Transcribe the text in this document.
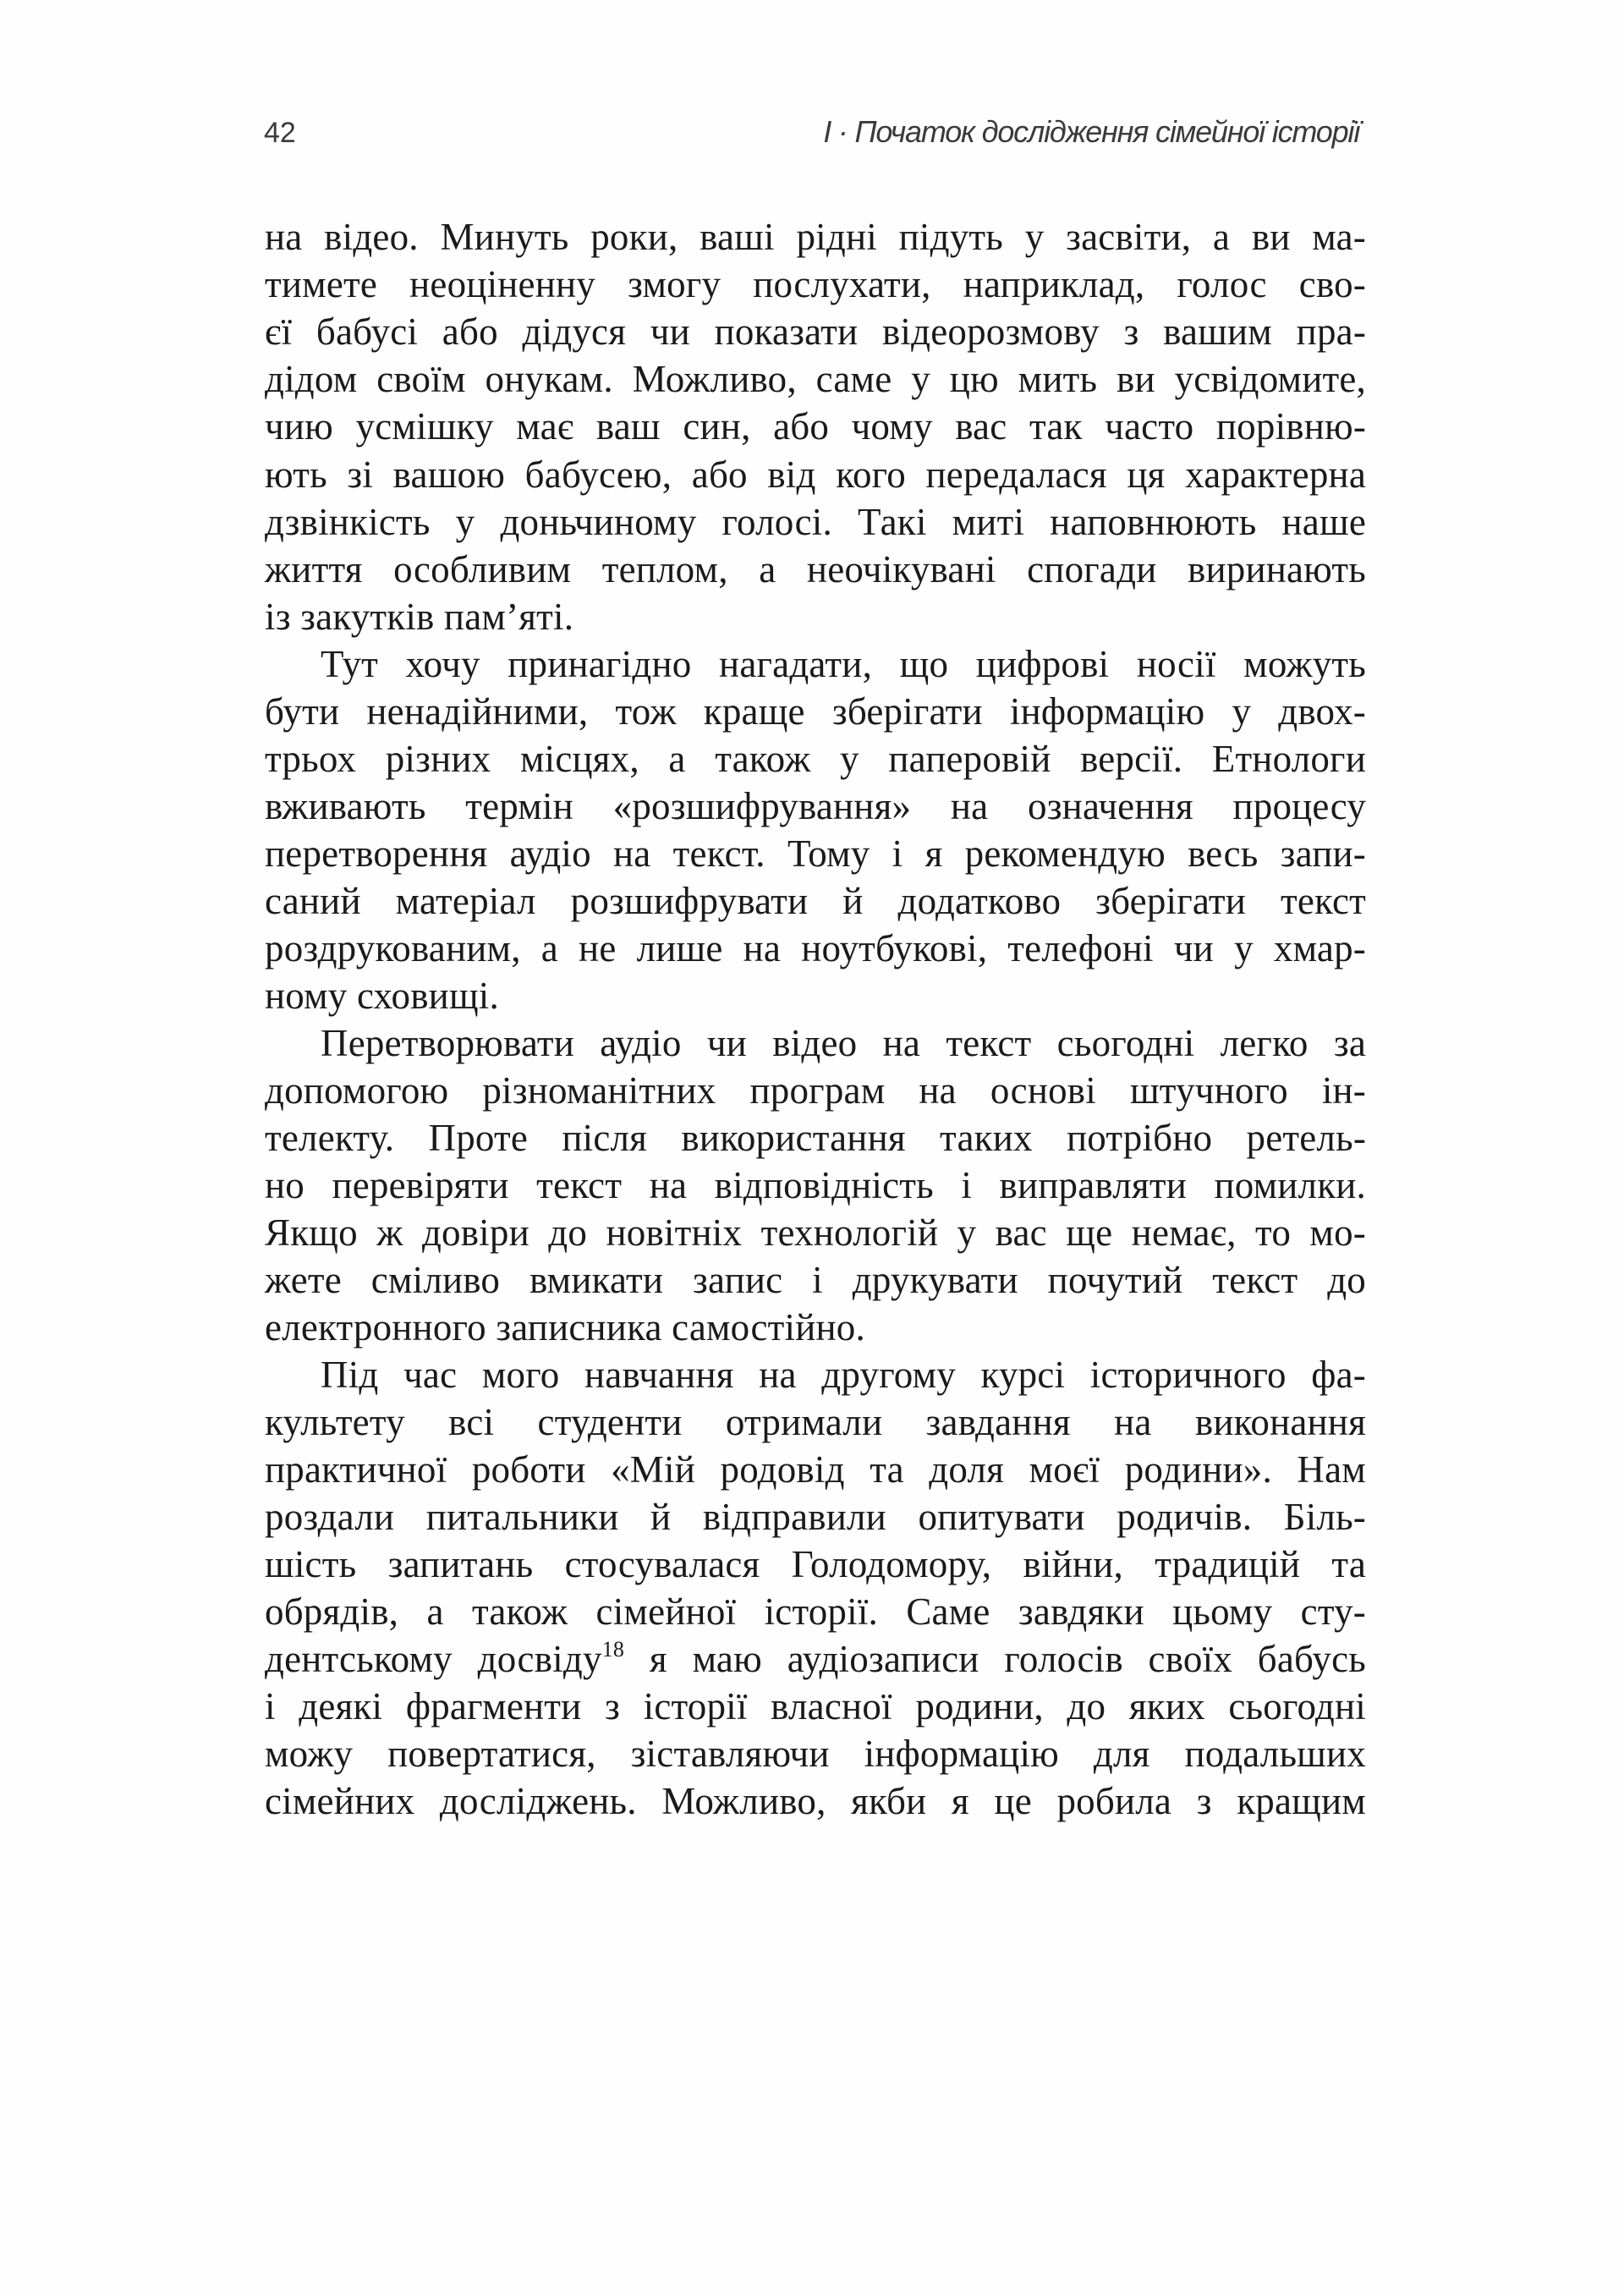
42	I · Початок дослідження сімейної історії
на відео. Минуть роки, ваші рідні підуть у засвіти, а ви ма-
тимете неоціненну змогу послухати, наприклад, голос сво-
єї бабусі або дідуся чи показати відеорозмову з вашим пра-
дідом своїм онукам. Можливо, саме у цю мить ви усвідомите,
чию усмішку має ваш син, або чому вас так часто порівню-
ють зі вашою бабусею, або від кого передалася ця характерна
дзвінкість у доньчиному голосі. Такі миті наповнюють наше
життя особливим теплом, а неочікувані спогади виринають
із закутків пам’яті.
Тут хочу принагідно нагадати, що цифрові носії можуть
бути ненадійними, тож краще зберігати інформацію у двох-
трьох різних місцях, а також у паперовій версії. Етнологи
вживають термін «розшифрування» на означення процесу
перетворення аудіо на текст. Тому і я рекомендую весь запи-
саний матеріал розшифрувати й додатково зберігати текст
роздрукованим, а не лише на ноутбукові, телефоні чи у хмар-
ному сховищі.
Перетворювати аудіо чи відео на текст сьогодні легко за
допомогою різноманітних програм на основі штучного ін-
телекту. Проте після використання таких потрібно ретель-
но перевіряти текст на відповідність і виправляти помилки.
Якщо ж довіри до новітніх технологій у вас ще немає, то мо-
жете сміливо вмикати запис і друкувати почутий текст до
електронного записника самостійно.
Під час мого навчання на другому курсі історичного фа-
культету всі студенти отримали завдання на виконання
практичної роботи «Мій родовід та доля моєї родини». Нам
роздали питальники й відправили опитувати родичів. Біль-
шість запитань стосувалася Голодомору, війни, традицій та
обрядів, а також сімейної історії. Саме завдяки цьому сту-
дентському досвіду$^{18}$ я маю аудіозаписи голосів своїх бабусь
і деякі фрагменти з історії власної родини, до яких сьогодні
можу повертатися, зіставляючи інформацію для подальших
сімейних досліджень. Можливо, якби я це робила з кращим
